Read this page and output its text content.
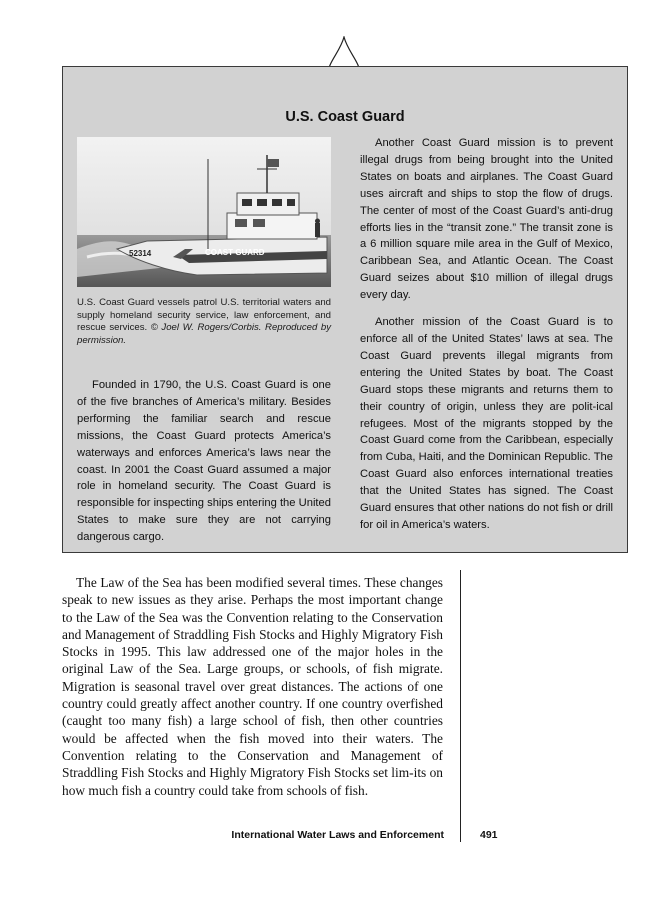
U.S. Coast Guard
52314	COAST GUARD
U.S. Coast Guard vessels patrol U.S. territorial waters and supply homeland security service, law enforcement, and rescue services. © Joel W. Rogers/Corbis. Reproduced by permission.
Founded in 1790, the U.S. Coast Guard is one of the five branches of America’s military. Besides performing the familiar search and rescue missions, the Coast Guard protects America’s waterways and enforces America’s laws near the coast. In 2001 the Coast Guard assumed a major role in homeland security. The Coast Guard is responsible for inspecting ships entering the United States to make sure they are not carrying dangerous cargo.

Another Coast Guard mission is to prevent illegal drugs from being brought into the United States on boats and airplanes. The Coast Guard uses aircraft and ships to stop the flow of drugs. The center of most of the Coast Guard’s anti-drug efforts lies in the “transit zone.” The transit zone is a 6 million square mile area in the Gulf of Mexico, Caribbean Sea, and Atlantic Ocean. The Coast Guard seizes about $10 million of illegal drugs every day.

Another mission of the Coast Guard is to enforce all of the United States’ laws at sea. The Coast Guard prevents illegal migrants from entering the United States by boat. The Coast Guard stops these migrants and returns them to their country of origin, unless they are polit-ical refugees. Most of the migrants stopped by the Coast Guard come from the Caribbean, especially from Cuba, Haiti, and the Dominican Republic. The Coast Guard also enforces international treaties that the United States has signed. The Coast Guard ensures that other nations do not fish or drill for oil in America’s waters.

The Law of the Sea has been modified several times. These changes speak to new issues as they arise. Perhaps the most important change to the Law of the Sea was the Convention relating to the Conservation and Management of Straddling Fish Stocks and Highly Migratory Fish Stocks in 1995. This law addressed one of the major holes in the original Law of the Sea. Large groups, or schools, of fish migrate. Migration is seasonal travel over great distances. The actions of one country could greatly affect another country. If one country overfished (caught too many fish) a large school of fish, then other countries would be affected when the fish moved into their waters. The Convention relating to the Conservation and Management of Straddling Fish Stocks and Highly Migratory Fish Stocks set lim-its on how much fish a country could take from schools of fish.

International Water Laws and Enforcement	491
